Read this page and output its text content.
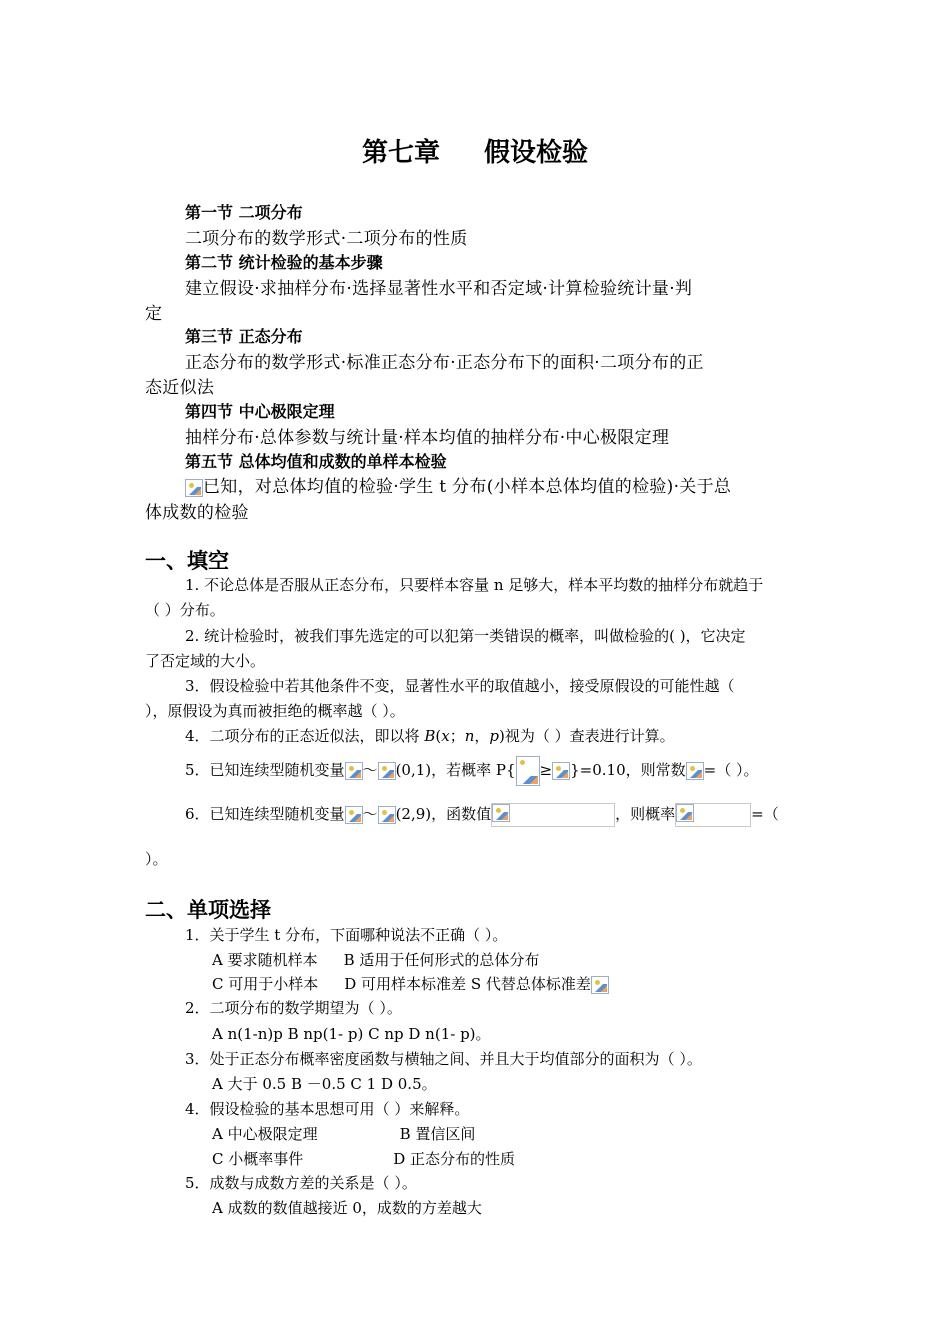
第七章 假设检验
第一节 二项分布
二项分布的数学形式·二项分布的性质
第二节 统计检验的基本步骤
建立假设·求抽样分布·选择显著性水平和否定域·计算检验统计量·判
定
第三节 正态分布
正态分布的数学形式·标准正态分布·正态分布下的面积·二项分布的正
态近似法
第四节 中心极限定理
抽样分布·总体参数与统计量·样本均值的抽样分布·中心极限定理
第五节 总体均值和成数的单样本检验
已知，对总体均值的检验·学生 t 分布(小样本总体均值的检验)·关于总
体成数的检验
一、填空
1. 不论总体是否服从正态分布，只要样本容量 n 足够大，样本平均数的抽样分布就趋于
（ ）分布。
2. 统计检验时，被我们事先选定的可以犯第一类错误的概率，叫做检验的( )，它决定
了否定域的大小。
3．假设检验中若其他条件不变，显著性水平的取值越小，接受原假设的可能性越（
），原假设为真而被拒绝的概率越（ ）。
4．二项分布的正态近似法，即以将 B(x；n，p)视为（ ）查表进行计算。
5．已知连续型随机变量 ～ (0,1)，若概率 P{ ≥ }=0.10，则常数 =（ ）。
6．已知连续型随机变量 ～ (2,9)，函数值	，则概率	=（
）。
二、单项选择
1．关于学生 t 分布，下面哪种说法不正确（ ）。
A 要求随机样本 B 适用于任何形式的总体分布
C 可用于小样本 D 可用样本标准差 S 代替总体标准差
2．二项分布的数学期望为（ ）。
A n(1-n)p B np(1- p) C np D n(1- p)。
3．处于正态分布概率密度函数与横轴之间、并且大于均值部分的面积为（ ）。
A 大于 0.5 B －0.5 C 1 D 0.5。
4．假设检验的基本思想可用（ ）来解释。
A 中心极限定理	B 置信区间
C 小概率事件	D 正态分布的性质
5．成数与成数方差的关系是（ ）。
A 成数的数值越接近 0，成数的方差越大
